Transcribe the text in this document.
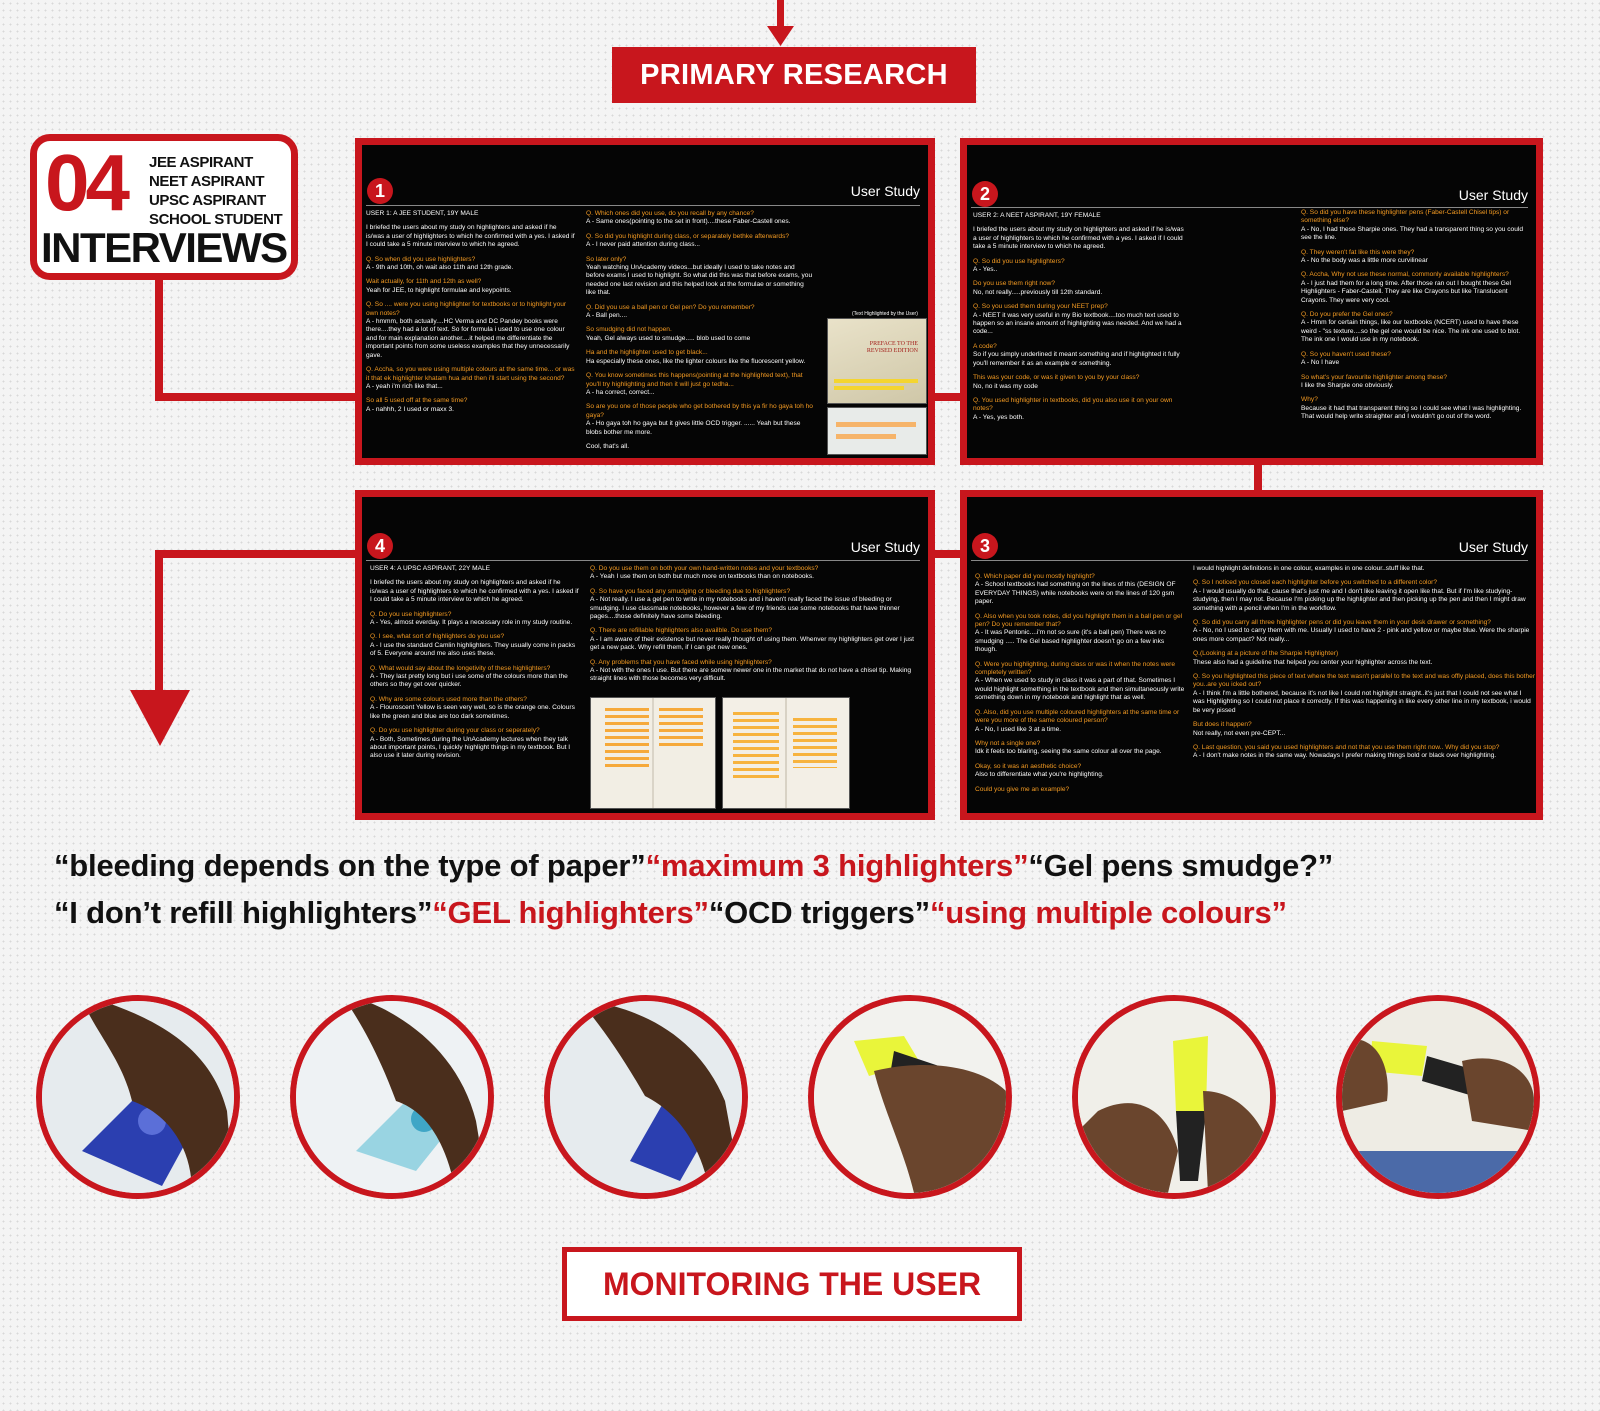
PRIMARY RESEARCH
04 JEE ASPIRANT
NEET ASPIRANT
UPSC ASPIRANT
SCHOOL STUDENT
INTERVIEWS
1	User Study

USER 1: A JEE STUDENT, 19Y MALE

I briefed the users about my study on highlighters and asked if he is/was a user of highlighters to which he confirmed with a yes. I asked if I could take a 5 minute interview to which he agreed.

Q. So when did you use highlighters?
A - 9th and 10th, oh wait also 11th and 12th grade.

Wait actually, for 11th and 12th as well?
Yeah for JEE, to highlight formulae and keypoints.

Q. So .... were you using highlighter for textbooks or to highlight your own notes?
A - hmmm, both actually....HC Verma and DC Pandey books were there....they had a lot of text. So for formula i used to use one colour and for main explanation another....it helped me differentiate the important points from some useless examples that they unnecessarily gave.

Q. Accha, so you were using multiple colours at the same time... or was it that ek highlighter khatam hua and then i'll start using the second?
A - yeah i'm rich like that...

So all 5 used off at the same time?
A - nahhh, 2 I used or maxx 3.

Q. Which ones did you use, do you recall by any chance?
A - Same ones(pointing to the set in front)....these Faber-Castell ones.

Q. So did you highlight during class, or separately bethke afterwards?
A - I never paid attention during class...

So later only?
Yeah watching UnAcademy videos...but ideally I used to take notes and before exams I used to highlight. So what did this was that before exams, you needed one last revision and this helped look at the formulae or something like that.

Q. Did you use a ball pen or Gel pen? Do you remember?
A - Ball pen....

So smudging did not happen.
Yeah, Gel always used to smudge..... blob used to come

Ha and the highlighter used to get black...
Ha especially these ones, like the lighter colours like the fluorescent yellow.

Q. You know sometimes this happens(pointing at the highlighted text), that you'll try highlighting and then it will just go tedha...
A - ha correct, correct...

So are you one of those people who get bothered by this ya fir ho gaya toh ho gaya?
A - Ho gaya toh ho gaya but it gives little OCD trigger. ...... Yeah but these blobs bother me more.

Cool, that's all.

(Text Highlighted by the User)
PREFACE TO THE REVISED EDITION
2	User Study

USER 2: A NEET ASPIRANT, 19Y FEMALE

I briefed the users about my study on highlighters and asked if he is/was a user of highlighters to which he confirmed with a yes. I asked if I could take a 5 minute interview to which he agreed.

Q. So did you use highlighters?
A - Yes..

Do you use them right now?
No, not really.....previously till 12th standard.

Q. So you used them during your NEET prep?
A - NEET it was very useful in my Bio textbook....too much text used to happen so an insane amount of highlighting was needed. And we had a code...

A code?
So if you simply underlined it meant something and if highlighted it fully you'll remember it as an example or something.

This was your code, or was it given to you by your class?
No, no it was my code

Q. You used highlighter in textbooks, did you also use it on your own notes?
A - Yes, yes both.

Q. So did you have these highlighter pens (Faber-Castell Chisel tips) or something else?
A - No, I had these Sharpie ones. They had a transparent thing so you could see the line.

Q. They weren't fat like this were they?
A - No the body was a little more curvilinear

Q. Accha, Why not use these normal, commonly available highlighters?
A - I just had them for a long time. After those ran out I bought these Gel Highlighters - Faber-Castell. They are like Crayons but like Translucent Crayons. They were very cool.

Q. Do you prefer the Gel ones?
A - Hmm for certain things, like our textbooks (NCERT) used to have these weird - "ss texture....so the gel one would be nice. The ink one used to blot. The ink one I would use in my notebook.

Q. So you haven't used these?
A - No I have

So what's your favourite highlighter among these?
I like the Sharpie one obviously.

Why?
Because it had that transparent thing so I could see what I was highlighting. That would help write straighter and I wouldn't go out of the word.

4	User Study

USER 4: A UPSC ASPIRANT, 22Y MALE

I briefed the users about my study on highlighters and asked if he is/was a user of highlighters to which he confirmed with a yes. I asked if I could take a 5 minute interview to which he agreed.

Q. Do you use highlighters?
A - Yes, almost everday. It plays a necessary role in my study routine.

Q. I see, what sort of highlighters do you use?
A - I use the standard Camlin highlighters. They usually come in packs of 5. Everyone around me also uses these.

Q. What would say about the longetivity of these highlighters?
A - They last pretty long but i use some of the colours more than the others so they get over quicker.

Q. Why are some colours used more than the others?
A - Flouroscent Yellow is seen very well, so is the orange one. Colours like the green and blue are too dark sometimes.

Q. Do you use highlighter during your class or seperately?
A - Both, Sometimes during the UnAcademy lectures when they talk about important points, I quickly highlight things in my textbook. But I also use it later during revision.

Q. Do you use them on both your own hand-written notes and your textbooks?
A - Yeah I use them on both but much more on textbooks than on notebooks.

Q. So have you faced any smudging or bleeding due to highlighters?
A - Not really. I use a gel pen to write in my notebooks and i haven't really faced the issue of bleeding or smudging. I use classmate notebooks, however a few of my friends use some notebooks that have thinner pages....those definitely have some bleeding.

Q. There are refillable highlighters also availble. Do use them?
A - I am aware of their existence but never really thought of using them. Whenver my highlighters get over I just get a new pack. Why refill them, if I can get new ones.

Q. Any problems that you have faced while using highlighters?
A - Not with the ones I use. But there are somew newer one in the market that do not have a chisel tip. Making straight lines with those becomes very difficult.

3	User Study

Q. Which paper did you mostly highlight?
A - School textbooks had something on the lines of this (DESIGN OF EVERYDAY THINGS) while notebooks were on the lines of 120 gsm paper.

Q. Also when you took notes, did you highlight them in a ball pen or gel pen? Do you remember that?
A - It was Pentonic....i'm not so sure (it's a ball pen) There was no smudging ..... The Gel based highlighter doesn't go on a few inks though.

Q. Were you highlighting, during class or was it when the notes were completely written?
A - When we used to study in class it was a part of that. Sometimes I would highlight something in the textbook and then simultaneously write something down in my notebook and highlight that as well.

Q. Also, did you use multiple coloured highlighters at the same time or were you more of the same coloured person?
A - No, I used like 3 at a time.

Why not a single one?
Idk it feels too blaring, seeing the same colour all over the page.

Okay, so it was an aesthetic choice?
Also to differentiate what you're highlighting.

Could you give me an example?

I would highlight definitions in one colour, examples in one colour..stuff like that.

Q. So I noticed you closed each highlighter before you switched to a different color?
A - I would usually do that, cause that's just me and I don't like leaving it open like that. But if I'm like studying-studying, then I may not. Because I'm picking up the highlighter and then picking up the pen and then I might draw something with a pencil when I'm in the workflow.

Q. So did you carry all three highlighter pens or did you leave them in your desk drawer or something?
A - No, no I used to carry them with me. Usually I used to have 2 - pink and yellow or maybe blue. Were the sharpie ones more compact? Not really...

Q.(Looking at a picture of the Sharpie Highlighter)
These also had a guideline that helped you center your highlighter across the text.

Q. So you highlighted this piece of text where the text wasn't parallel to the text and was offly placed, does this bother you..are you icked out?
A - I think I'm a little bothered, because it's not like I could not highlight straight..it's just that I could not see what I was Highlighting so I could not place it correctly. If this was happening in like every other line in my textbook, i would be very pissed

But does it happen?
Not really, not even pre-CEPT...

Q. Last question, you said you used highlighters and not that you use them right now.. Why did you stop?
A - I don't make notes in the same way. Nowadays I prefer making things bold or black over highlighting.

“bleeding depends on the type of paper”“maximum 3 highlighters”“Gel pens smudge?”
“I don’t refill highlighters”“GEL highlighters”“OCD triggers”“using multiple colours”
MONITORING THE USER
